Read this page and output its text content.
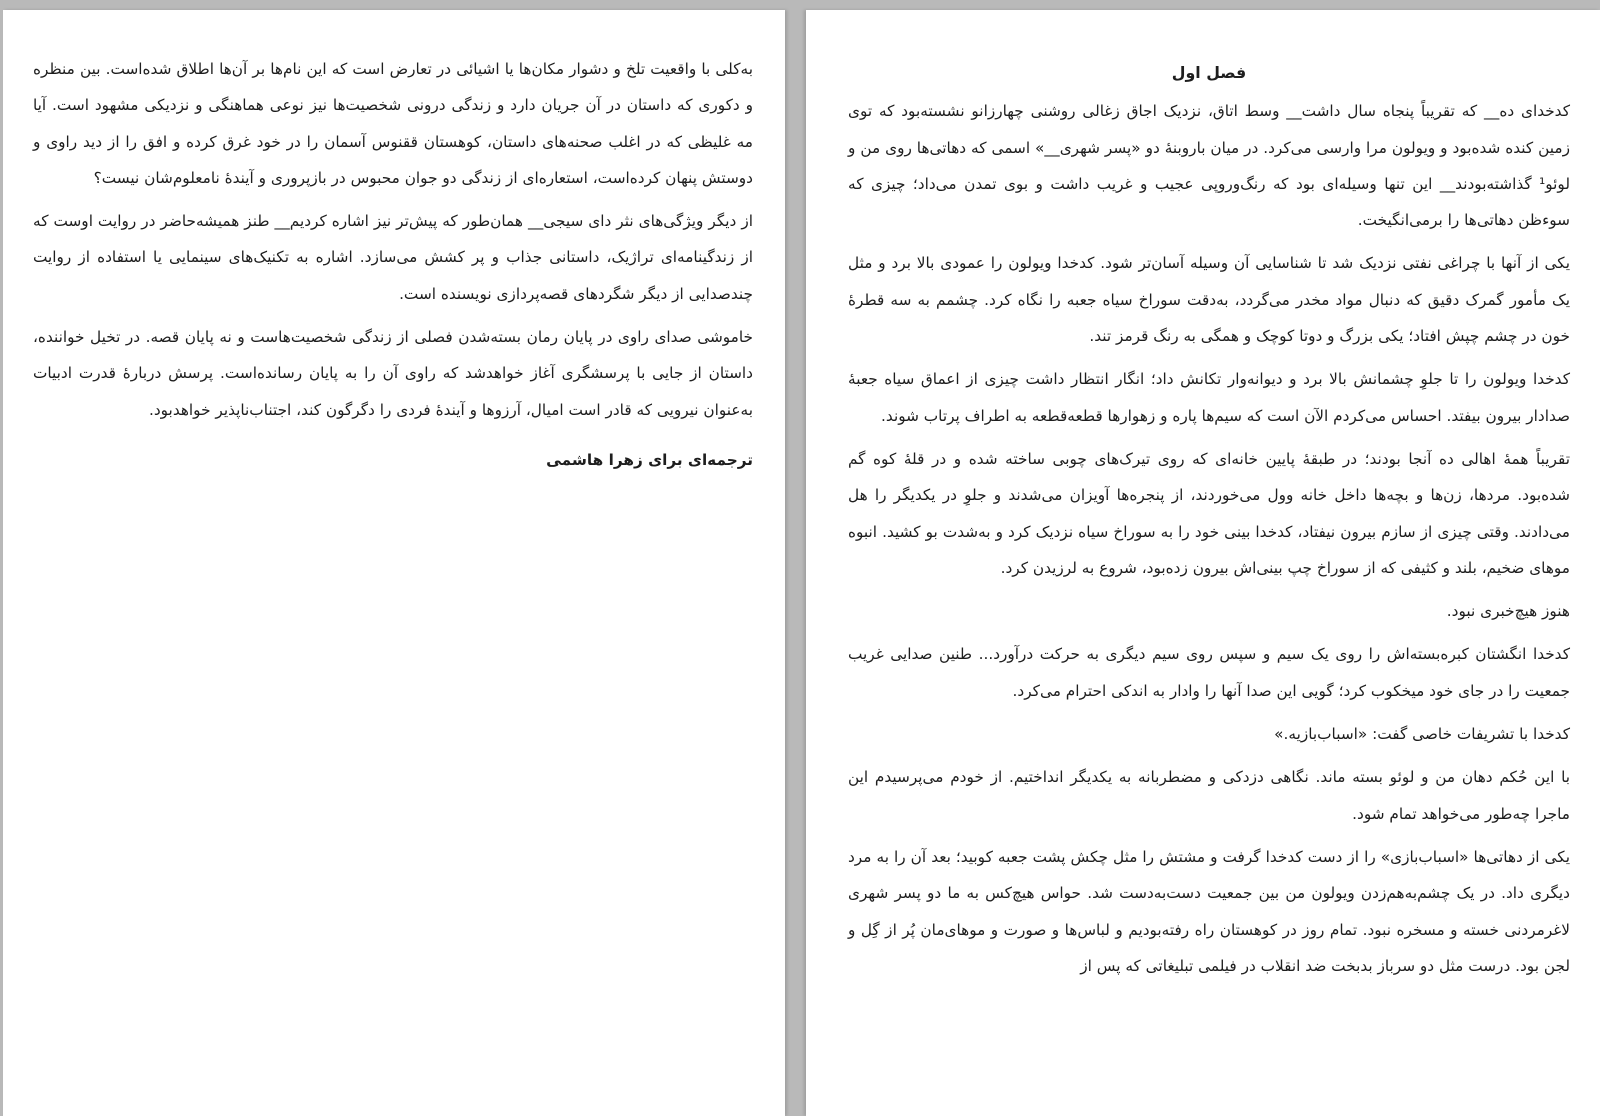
به‌کلی با واقعیت تلخ و دشوار مکان‌ها یا اشیائی در تعارض است که این نام‌ها بر آن‌ها اطلاق شده‌است. بین منظره و دکوری که داستان در آن جریان دارد و زندگی درونی شخصیت‌ها نیز نوعی هماهنگی و نزدیکی مشهود است. آیا مه غلیظی که در اغلب صحنه‌های داستان، کوهستان ققنوس آسمان را در خود غرق کرده و افق را از دید راوی و دوستش پنهان کرده‌است، استعاره‌ای از زندگی دو جوان محبوس در بازپروری و آیندهٔ نامعلوم‌شان نیست؟

از دیگر ویژگی‌های نثر دای سیجی__ همان‌طور که پیش‌تر نیز اشاره کردیم__ طنز همیشه‌حاضر در روایت اوست که از زندگینامه‌ای تراژیک، داستانی جذاب و پر کشش می‌سازد. اشاره به تکنیک‌های سینمایی یا استفاده از روایت چندصدایی از دیگر شگردهای قصه‌پردازی نویسنده است.

خاموشی صدای راوی در پایان رمان بسته‌شدن فصلی از زندگی شخصیت‌هاست و نه پایان قصه. در تخیل خواننده، داستان از جایی با پرسشگری آغاز خواهدشد که راوی آن را به پایان رسانده‌است. پرسش دربارهٔ قدرت ادبیات به‌عنوان نیرویی که قادر است امیال، آرزوها و آیندهٔ فردی را دگرگون کند، اجتناب‌ناپذیر خواهدبود.

ترجمه‌ای برای زهرا هاشمی
فصل اول

کدخدای ده__ که تقریباً پنجاه سال داشت__ وسط اتاق، نزدیک اجاق زغالی روشنی چهارزانو نشسته‌بود که توی زمین کنده شده‌بود و ویولون مرا وارسی می‌کرد. در میان باروبنهٔ دو «پسر شهری__» اسمی که دهاتی‌ها روی من و لوئو¹ گذاشته‌بودند__ این تنها وسیله‌ای بود که رنگ‌وروپی عجیب و غریب داشت و بوی تمدن می‌داد؛ چیزی که سوءظن دهاتی‌ها را برمی‌انگیخت.

یکی از آنها با چراغی نفتی نزدیک شد تا شناسایی آن وسیله آسان‌تر شود. کدخدا ویولون را عمودی بالا برد و مثل یک مأمور گمرک دقیق که دنبال مواد مخدر می‌گردد، به‌دقت سوراخ سیاه جعبه را نگاه کرد. چشمم به سه قطرهٔ خون در چشم چپش افتاد؛ یکی بزرگ و دوتا کوچک و همگی به رنگ قرمز تند.

کدخدا ویولون را تا جلوِ چشمانش بالا برد و دیوانه‌وار تکانش داد؛ انگار انتظار داشت چیزی از اعماق سیاه جعبهٔ صدادار بیرون بیفتد. احساس می‌کردم الآن است که سیم‌ها پاره و زهوارها قطعه‌قطعه به اطراف پرتاب شوند.

تقریباً همهٔ اهالی ده آنجا بودند؛ در طبقهٔ پایین خانه‌ای که روی تیرک‌های چوبی ساخته شده و در قلهٔ کوه گم شده‌بود. مردها، زن‌ها و بچه‌ها داخل خانه وول می‌خوردند، از پنجره‌ها آویزان می‌شدند و جلوِ در یکدیگر را هل می‌دادند. وقتی چیزی از سازم بیرون نیفتاد، کدخدا بینی خود را به سوراخ سیاه نزدیک کرد و به‌شدت بو کشید. انبوه موهای ضخیم، بلند و کثیفی که از سوراخ چپ بینی‌اش بیرون زده‌بود، شروع به لرزیدن کرد.

هنوز هیچ‌خبری نبود.

کدخدا انگشتان کبره‌بسته‌اش را روی یک سیم و سپس روی سیم دیگری به حرکت درآورد... طنین صدایی غریب جمعیت را در جای خود میخکوب کرد؛ گویی این صدا آنها را وادار به اندکی احترام می‌کرد.

کدخدا با تشریفات خاصی گفت: «اسباب‌بازیه.»

با این حُکم دهان من و لوئو بسته ماند. نگاهی دزدکی و مضطربانه به یکدیگر انداختیم. از خودم می‌پرسیدم این ماجرا چه‌طور می‌خواهد تمام شود.

یکی از دهاتی‌ها «اسباب‌بازی» را از دست کدخدا گرفت و مشتش را مثل چکش پشت جعبه کوبید؛ بعد آن را به مرد دیگری داد. در یک چشم‌به‌هم‌زدن ویولون من بین جمعیت دست‌به‌دست شد. حواس هیچ‌کس به ما دو پسر شهری لاغرمردنی خسته و مسخره نبود. تمام روز در کوهستان راه رفته‌بودیم و لباس‌ها و صورت و موهای‌مان پُر از گِل و لجن بود. درست مثل دو سرباز بدبخت ضد انقلاب در فیلمی تبلیغاتی که پس از
